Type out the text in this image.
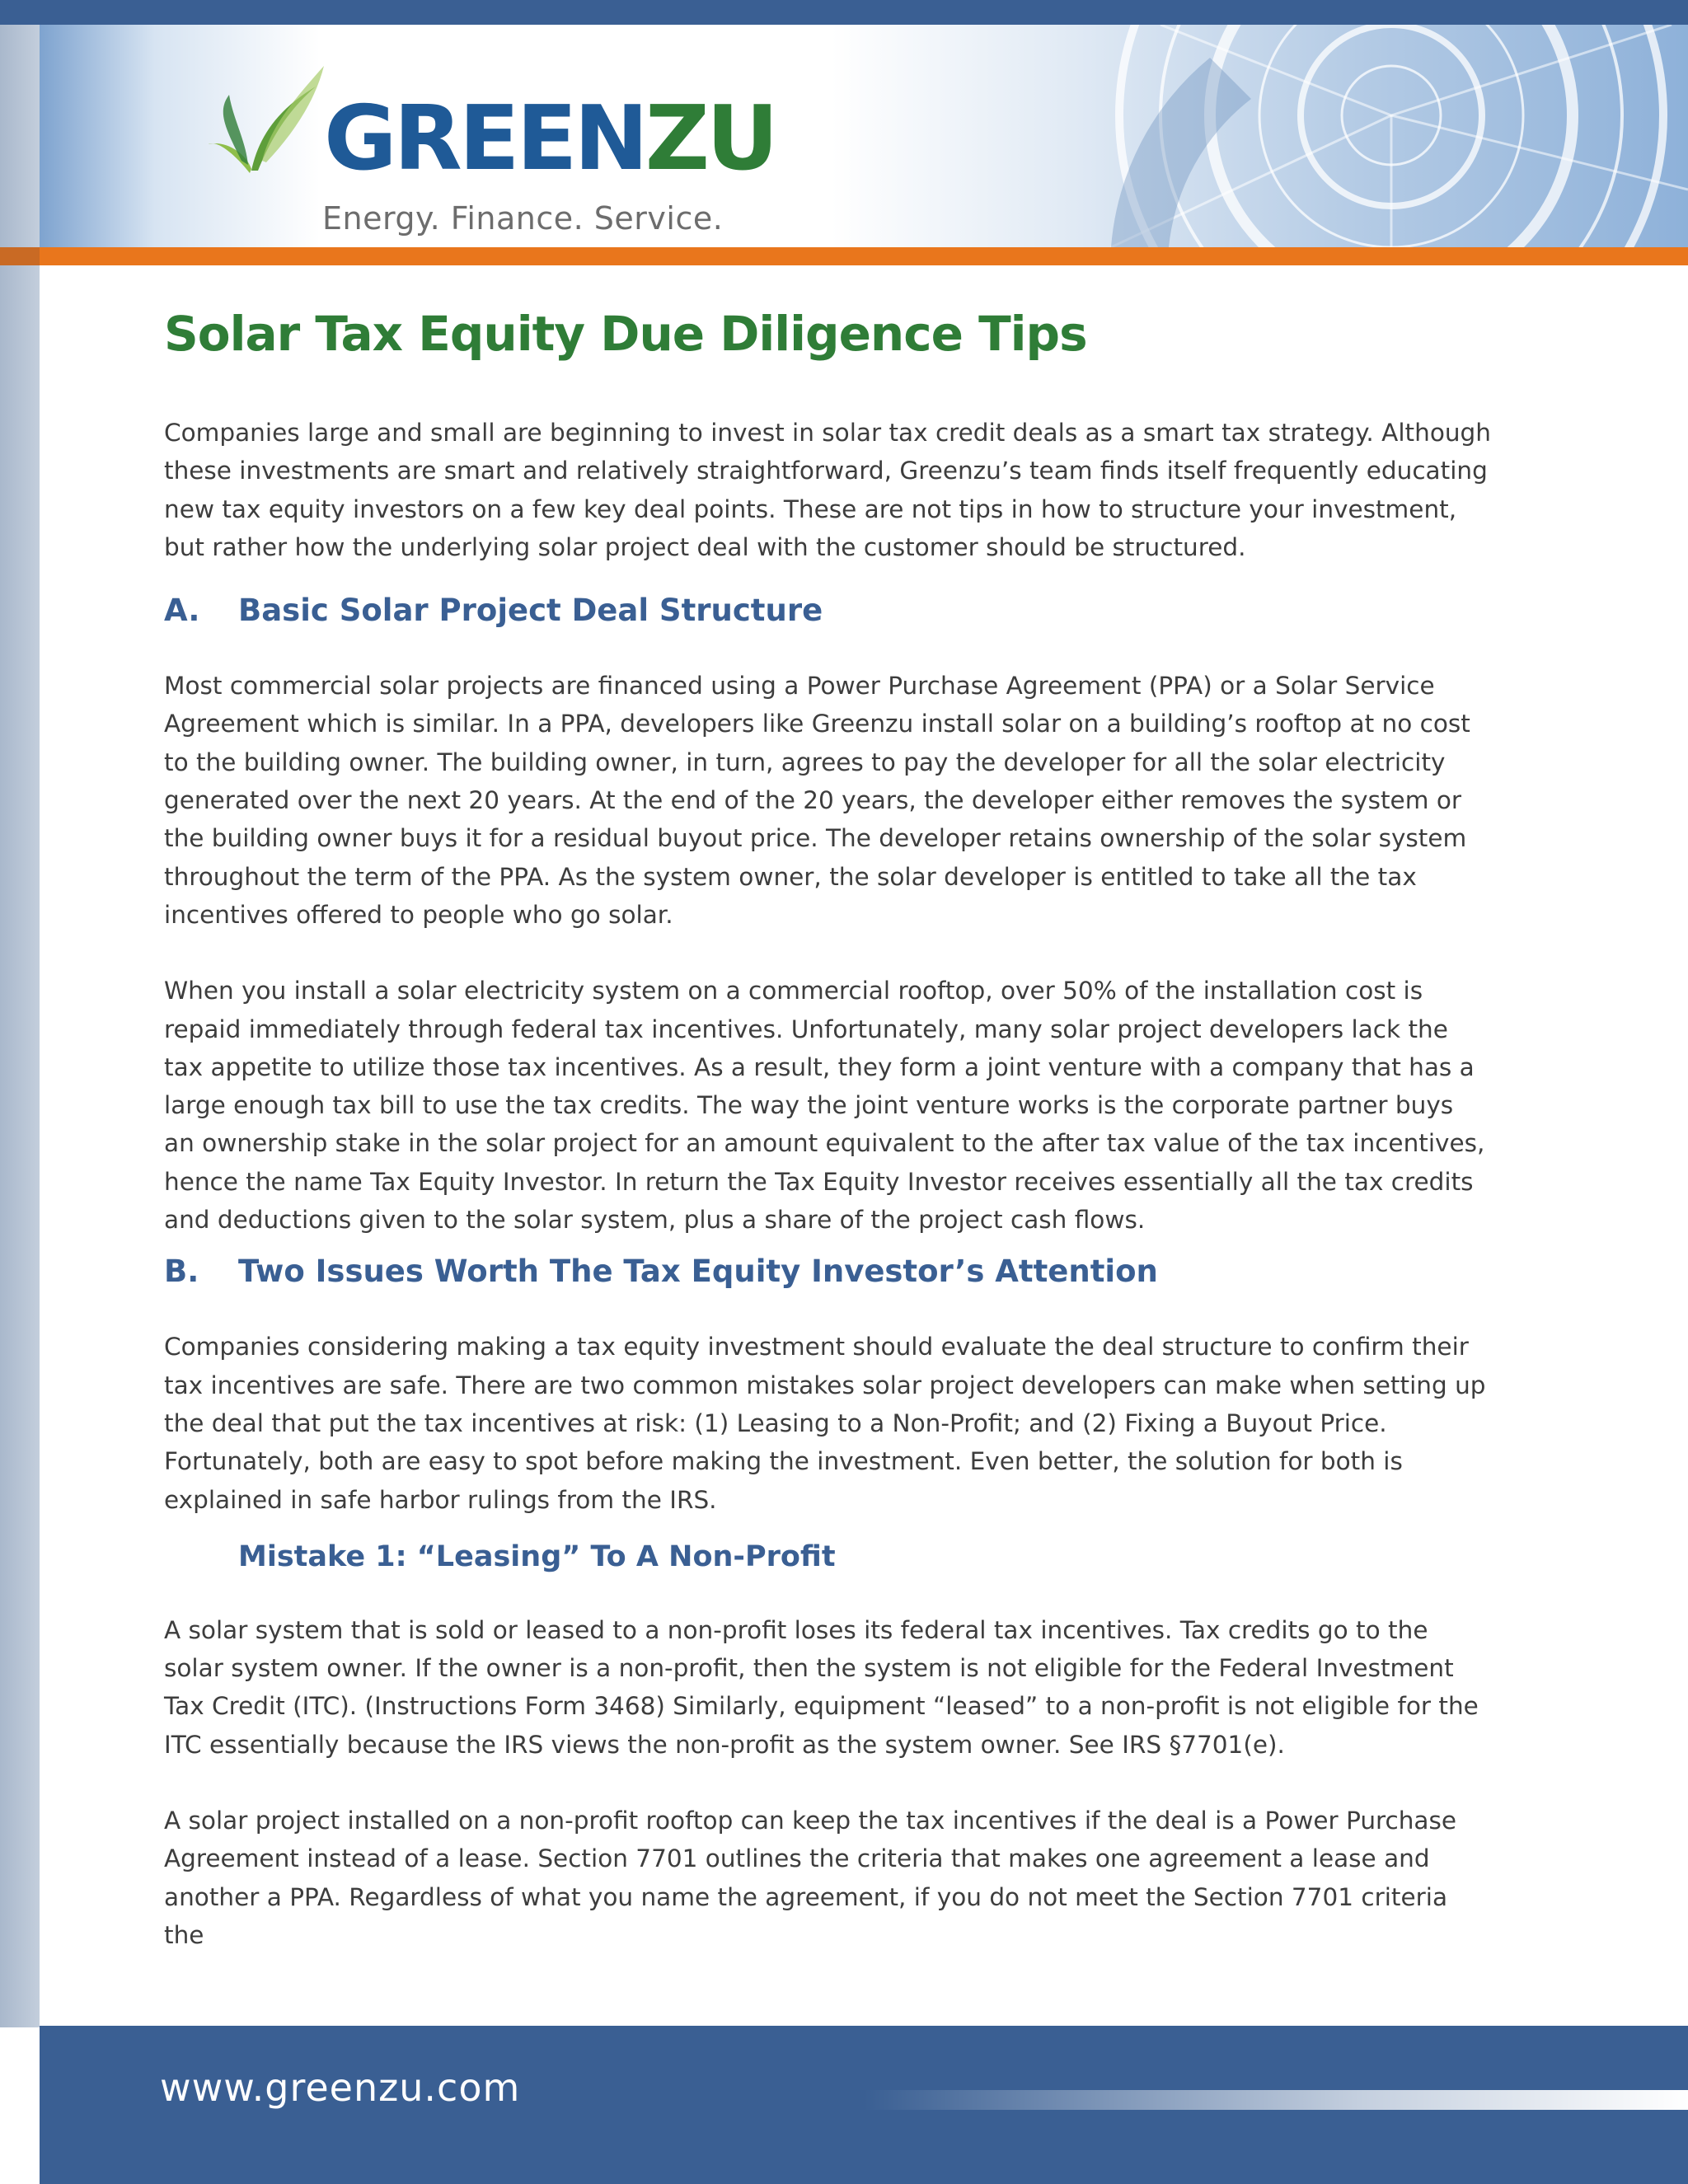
GREENZU
Energy. Finance. Service.
Solar Tax Equity Due Diligence Tips

Companies large and small are beginning to invest in solar tax credit deals as a smart tax strategy. Although these investments are smart and relatively straightforward, Greenzu’s team finds itself frequently educating new tax equity investors on a few key deal points. These are not tips in how to structure your investment, but rather how the underlying solar project deal with the customer should be structured.

A. Basic Solar Project Deal Structure

Most commercial solar projects are financed using a Power Purchase Agreement (PPA) or a Solar Service Agreement which is similar. In a PPA, developers like Greenzu install solar on a building’s rooftop at no cost to the building owner. The building owner, in turn, agrees to pay the developer for all the solar electricity generated over the next 20 years. At the end of the 20 years, the developer either removes the system or the building owner buys it for a residual buyout price. The developer retains ownership of the solar system throughout the term of the PPA. As the system owner, the solar developer is entitled to take all the tax incentives offered to people who go solar.

When you install a solar electricity system on a commercial rooftop, over 50% of the installation cost is repaid immediately through federal tax incentives. Unfortunately, many solar project developers lack the tax appetite to utilize those tax incentives. As a result, they form a joint venture with a company that has a large enough tax bill to use the tax credits. The way the joint venture works is the corporate partner buys an ownership stake in the solar project for an amount equivalent to the after tax value of the tax incentives, hence the name Tax Equity Investor. In return the Tax Equity Investor receives essentially all the tax credits and deductions given to the solar system, plus a share of the project cash flows.

B. Two Issues Worth The Tax Equity Investor’s Attention

Companies considering making a tax equity investment should evaluate the deal structure to confirm their tax incentives are safe. There are two common mistakes solar project developers can make when setting up the deal that put the tax incentives at risk: (1) Leasing to a Non-Profit; and (2) Fixing a Buyout Price. Fortunately, both are easy to spot before making the investment. Even better, the solution for both is explained in safe harbor rulings from the IRS.

Mistake 1: “Leasing” To A Non-Profit

A solar system that is sold or leased to a non-profit loses its federal tax incentives. Tax credits go to the solar system owner. If the owner is a non-profit, then the system is not eligible for the Federal Investment Tax Credit (ITC). (Instructions Form 3468) Similarly, equipment “leased” to a non-profit is not eligible for the ITC essentially because the IRS views the non-profit as the system owner. See IRS §7701(e).

A solar project installed on a non-profit rooftop can keep the tax incentives if the deal is a Power Purchase Agreement instead of a lease. Section 7701 outlines the criteria that makes one agreement a lease and another a PPA. Regardless of what you name the agreement, if you do not meet the Section 7701 criteria the

www.greenzu.com
